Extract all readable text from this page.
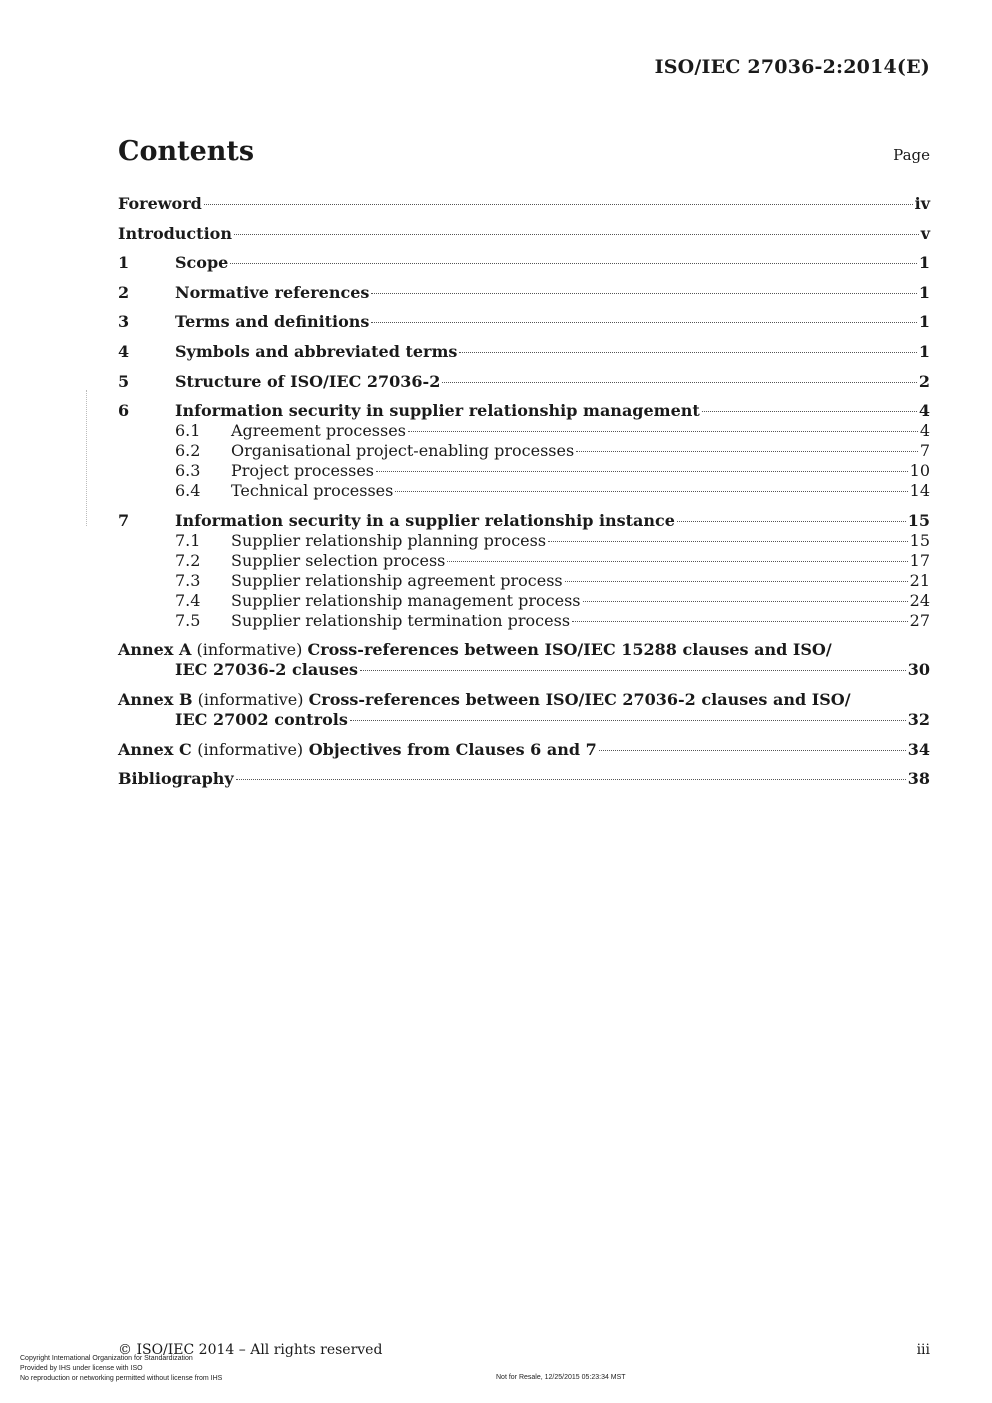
ISO/IEC 27036-2:2014(E)
Contents	Page
Foreword	iv
Introduction	v
1	Scope	1
2	Normative references	1
3	Terms and definitions	1
4	Symbols and abbreviated terms	1
5	Structure of ISO/IEC 27036-2	2
6	Information security in supplier relationship management	4
6.1	Agreement processes	4
6.2	Organisational project-enabling processes	7
6.3	Project processes	10
6.4	Technical processes	14
7	Information security in a supplier relationship instance	15
7.1	Supplier relationship planning process	15
7.2	Supplier selection process	17
7.3	Supplier relationship agreement process	21
7.4	Supplier relationship management process	24
7.5	Supplier relationship termination process	27
Annex A (informative) Cross-references between ISO/IEC 15288 clauses and ISO/
IEC 27036-2 clauses	30
Annex B (informative) Cross-references between ISO/IEC 27036-2 clauses and ISO/
IEC 27002 controls	32
Annex C (informative) Objectives from Clauses 6 and 7	34
Bibliography	38
© ISO/IEC 2014 – All rights reserved	iii
Copyright International Organization for Standardization
Provided by IHS under license with ISO
No reproduction or networking permitted without license from IHS	Not for Resale, 12/25/2015 05:23:34 MST
